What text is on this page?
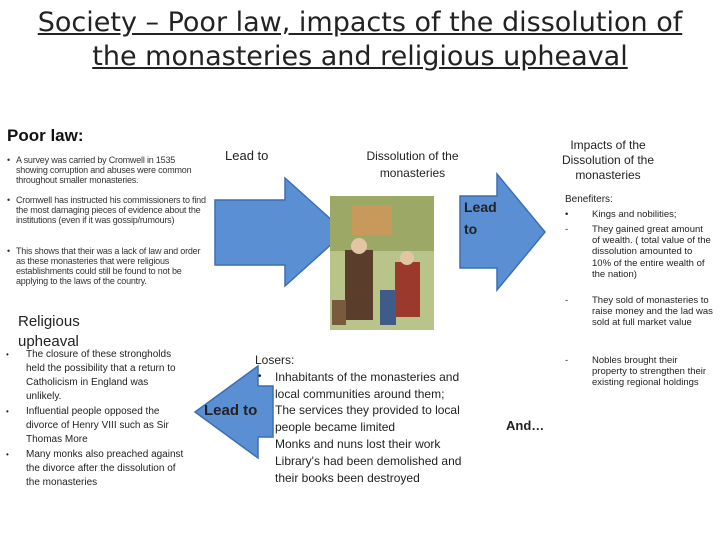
Society – Poor law, impacts of the dissolution of the monasteries and religious upheaval
Poor law:
• A survey was carried by Cromwell in 1535 showing corruption and abuses were common throughout smaller monasteries.
• Cromwell has instructed his commissioners to find the most damaging pieces of evidence about the institutions (even if it was gossip/rumours)
• This shows that their was a lack of law and order as these monasteries that were religious establishments could still be found to not be applying to the laws of the country.
Lead to
Lead to
Lead to
Dissolution of the monasteries
Impacts of the Dissolution of the monasteries
Benefiters:
• Kings and nobilities;
-	They gained great amount of wealth. ( total value of the dissolution amounted to 10% of the entire wealth of the nation)
-	They sold of monasteries to raise money and the lad was sold at full market value
-	Nobles brought their property to strengthen their existing regional holdings
Religious upheaval
• The closure of these strongholds held the possibility that a return to Catholicism in England was unlikely.
• Influential people opposed the divorce of Henry VIII such as Sir Thomas More
• Many monks also preached against the divorce after the dissolution of the monasteries
Losers:
• Inhabitants of the monasteries and
local communities around them;
The services they provided to local
people became limited
Monks and nuns lost their work
Library's had been demolished and
their books been destroyed
And…
